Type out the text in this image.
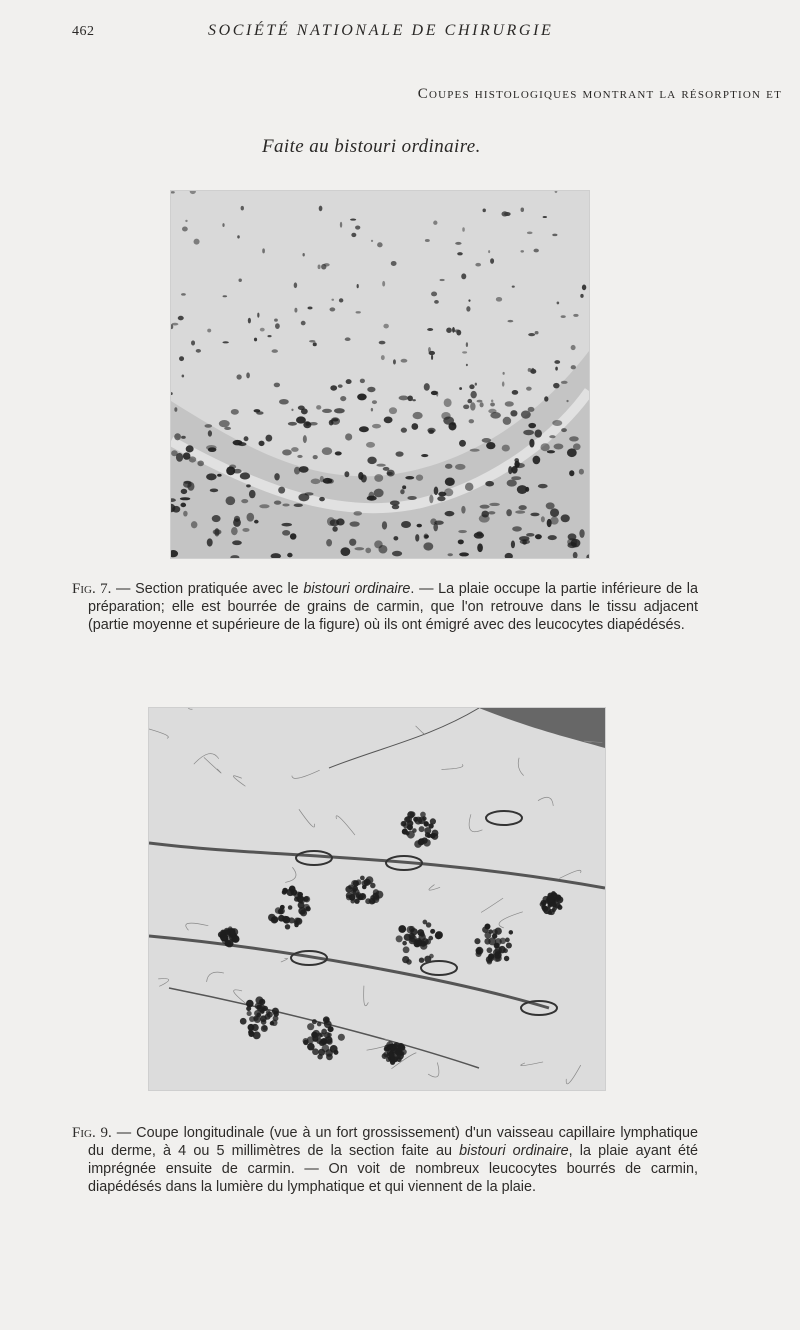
462	SOCIÉTÉ NATIONALE DE CHIRURGIE
Coupes histologiques montrant la résorption et
Faite au bistouri ordinaire.

Fig. 7. — Section pratiquée avec le bistouri ordinaire. — La plaie occupe la partie inférieure de la préparation; elle est bourrée de grains de carmin, que l'on retrouve dans le tissu adjacent (partie moyenne et supérieure de la figure) où ils ont émigré avec des leucocytes diapédésés.

Fig. 9. — Coupe longitudinale (vue à un fort grossissement) d'un vaisseau capillaire lymphatique du derme, à 4 ou 5 millimètres de la section faite au bistouri ordinaire, la plaie ayant été imprégnée ensuite de carmin. — On voit de nombreux leucocytes bourrés de carmin, diapédésés dans la lumière du lymphatique et qui viennent de la plaie.
